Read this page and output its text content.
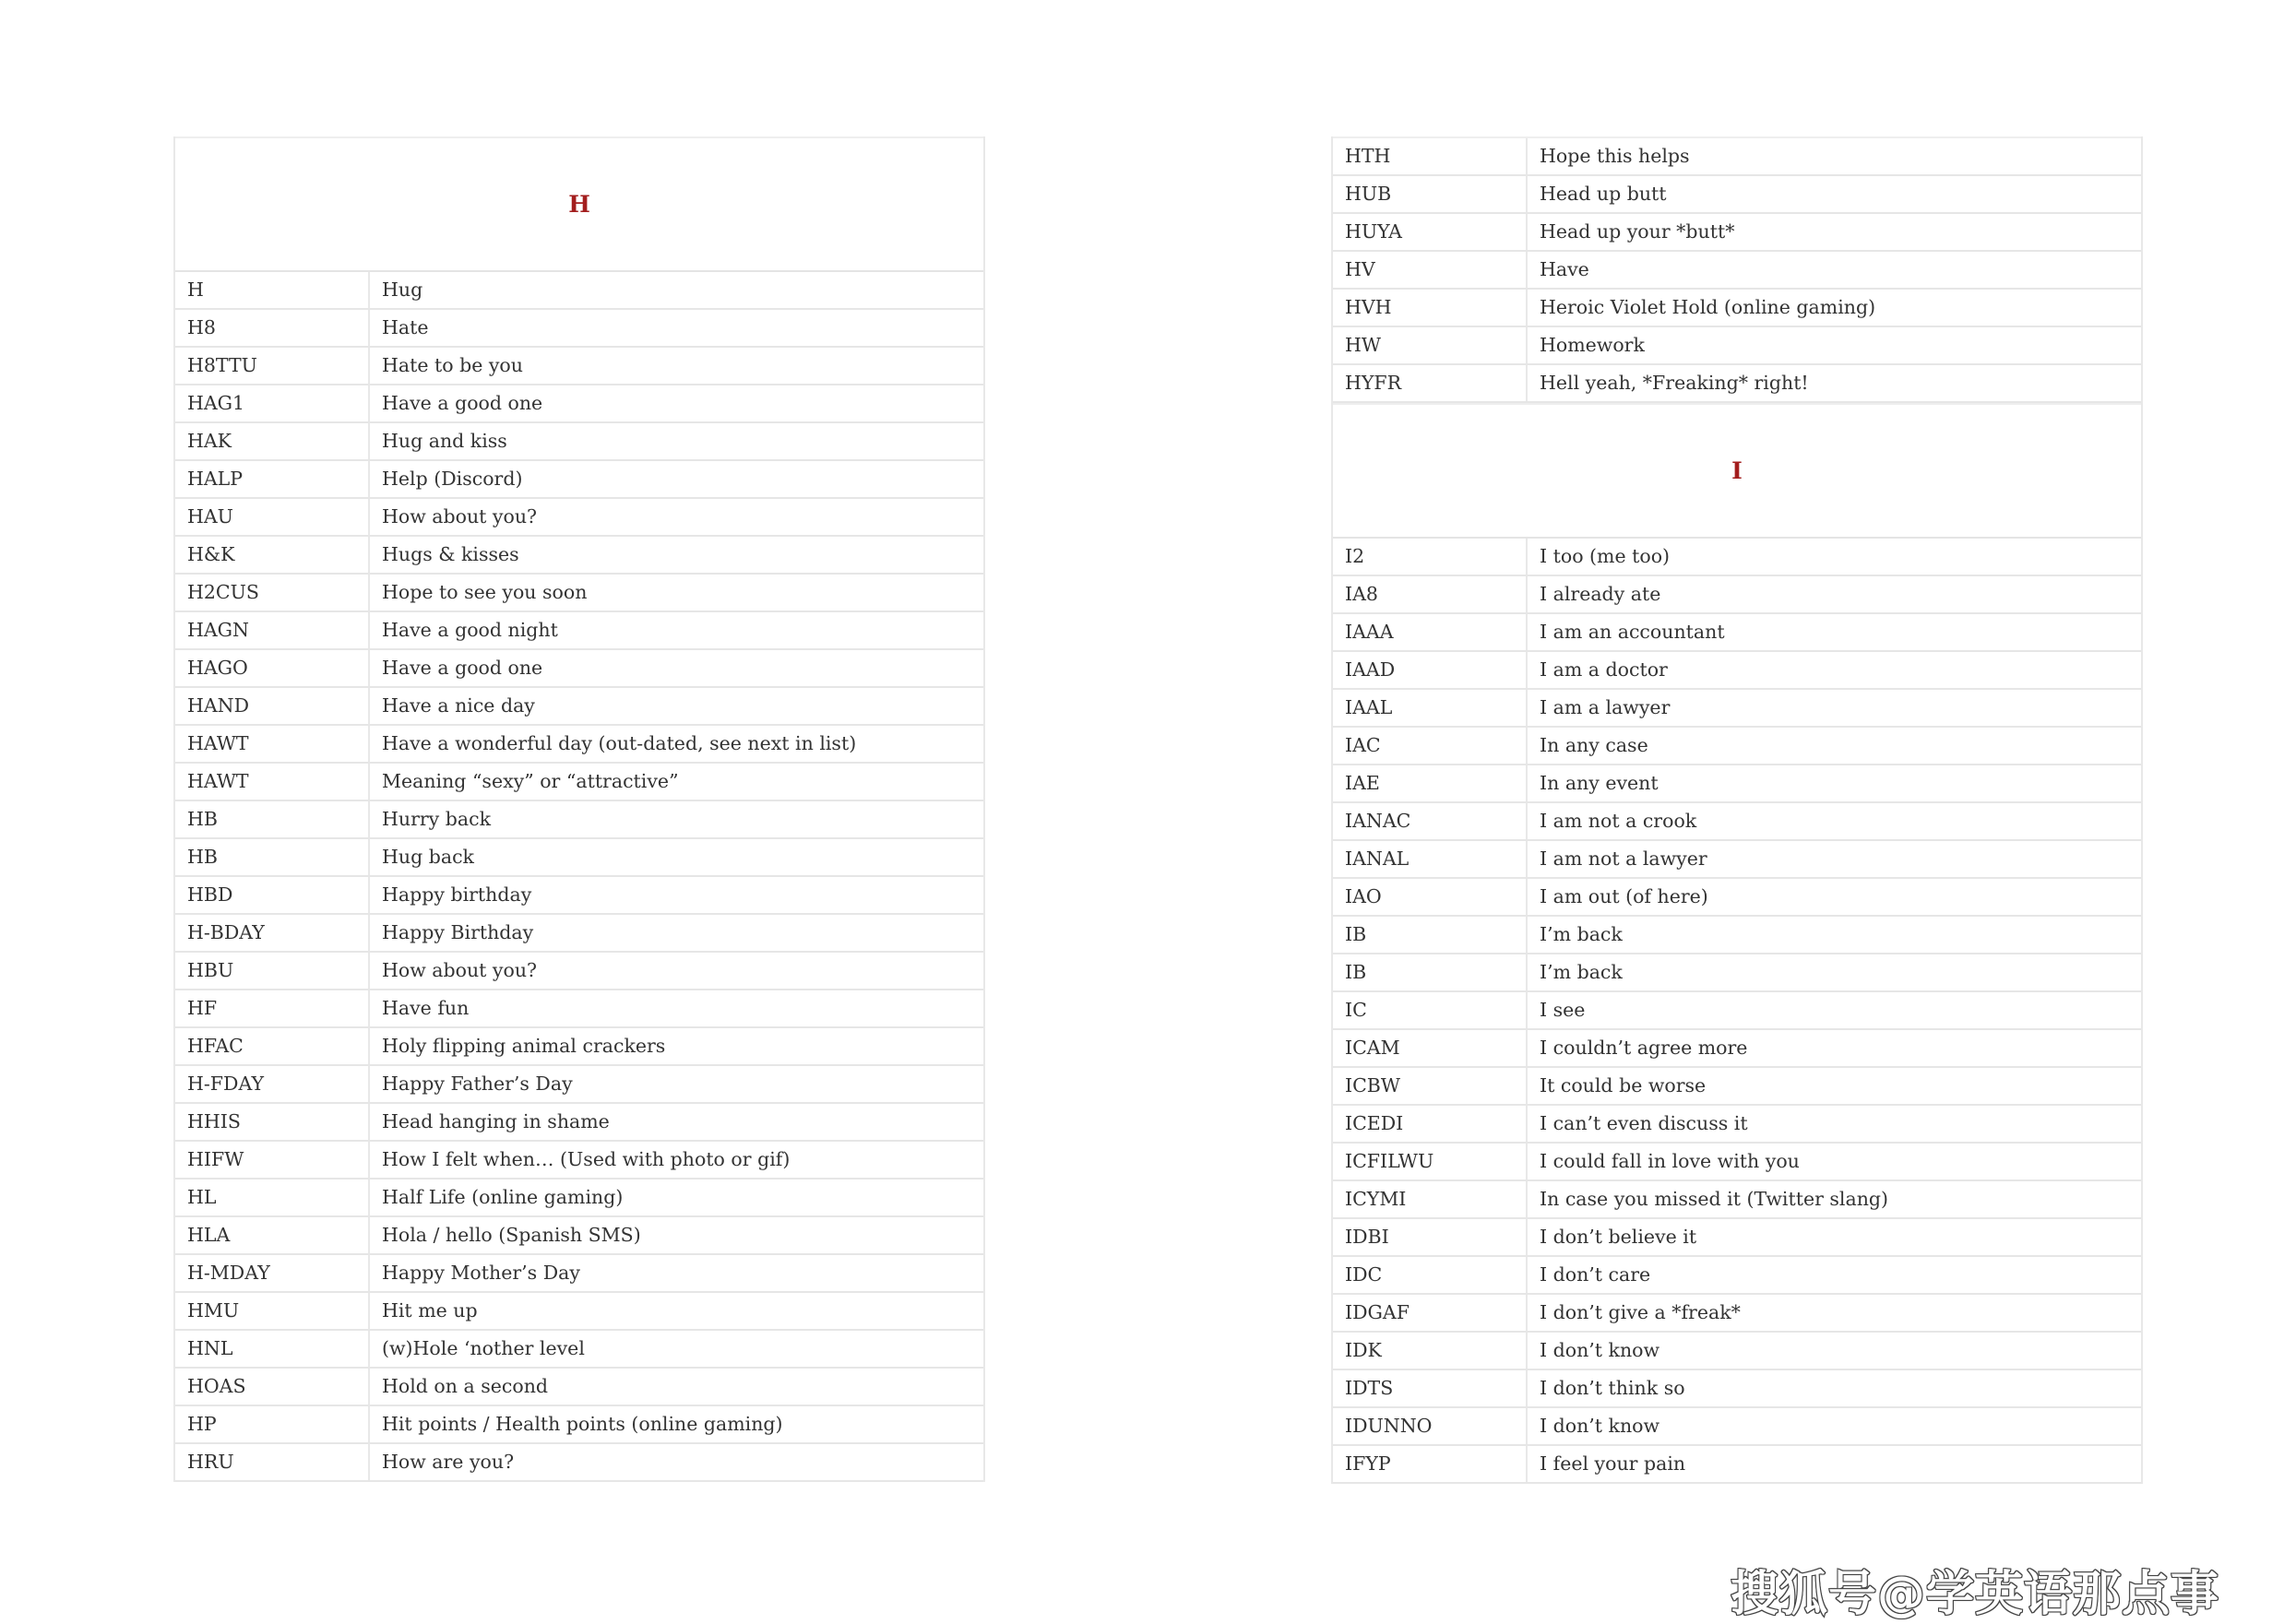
H
H	Hug
H8	Hate
H8TTU	Hate to be you
HAG1	Have a good one
HAK	Hug and kiss
HALP	Help (Discord)
HAU	How about you?
H&K	Hugs & kisses
H2CUS	Hope to see you soon
HAGN	Have a good night
HAGO	Have a good one
HAND	Have a nice day
HAWT	Have a wonderful day (out-dated, see next in list)
HAWT	Meaning “sexy” or “attractive”
HB	Hurry back
HB	Hug back
HBD	Happy birthday
H-BDAY	Happy Birthday
HBU	How about you?
HF	Have fun
HFAC	Holy flipping animal crackers
H-FDAY	Happy Father’s Day
HHIS	Head hanging in shame
HIFW	How I felt when… (Used with photo or gif)
HL	Half Life (online gaming)
HLA	Hola / hello (Spanish SMS)
H-MDAY	Happy Mother’s Day
HMU	Hit me up
HNL	(w)Hole ‘nother level
HOAS	Hold on a second
HP	Hit points / Health points (online gaming)
HRU	How are you?
HTH	Hope this helps
HUB	Head up butt
HUYA	Head up your *butt*
HV	Have
HVH	Heroic Violet Hold (online gaming)
HW	Homework
HYFR	Hell yeah, *Freaking* right!
I
I2	I too (me too)
IA8	I already ate
IAAA	I am an accountant
IAAD	I am a doctor
IAAL	I am a lawyer
IAC	In any case
IAE	In any event
IANAC	I am not a crook
IANAL	I am not a lawyer
IAO	I am out (of here)
IB	I’m back
IB	I’m back
IC	I see
ICAM	I couldn’t agree more
ICBW	It could be worse
ICEDI	I can’t even discuss it
ICFILWU	I could fall in love with you
ICYMI	In case you missed it (Twitter slang)
IDBI	I don’t believe it
IDC	I don’t care
IDGAF	I don’t give a *freak*
IDK	I don’t know
IDTS	I don’t think so
IDUNNO	I don’t know
IFYP	I feel your pain
搜狐号@学英语那点事
